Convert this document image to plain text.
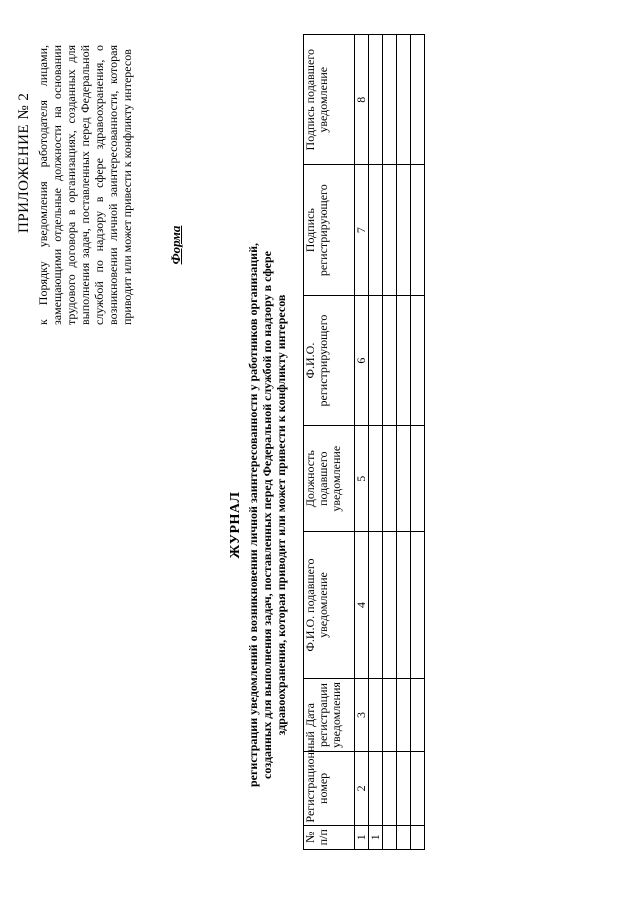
ПРИЛОЖЕНИЕ № 2 к Порядку уведомления работодателя лицами, замещающими отдельные должности на основании трудового договора в организациях, созданных для выполнения задач, поставленных перед Федеральной службой по надзору в сфере здравоохранения, о возникновении личной заинтересованности, которая приводит или может привести к конфликту интересов	Форма
ЖУРНАЛ регистрации уведомлений о возникновении личной заинтересованности у работников организаций, созданных для выполнения задач, поставленных перед Федеральной службой по надзору в сфере здравоохранения, которая приводит или может привести к конфликту интересов
№ п/п	Регистрационный номер	Дата регистрации уведомления	Ф.И.О. подавшего уведомление	Должность подавшего уведомление	Ф.И.О. регистрирующего	Подпись регистрирующего	Подпись подавшего уведомление
1	2	3	4	5	6	7	8
1							
